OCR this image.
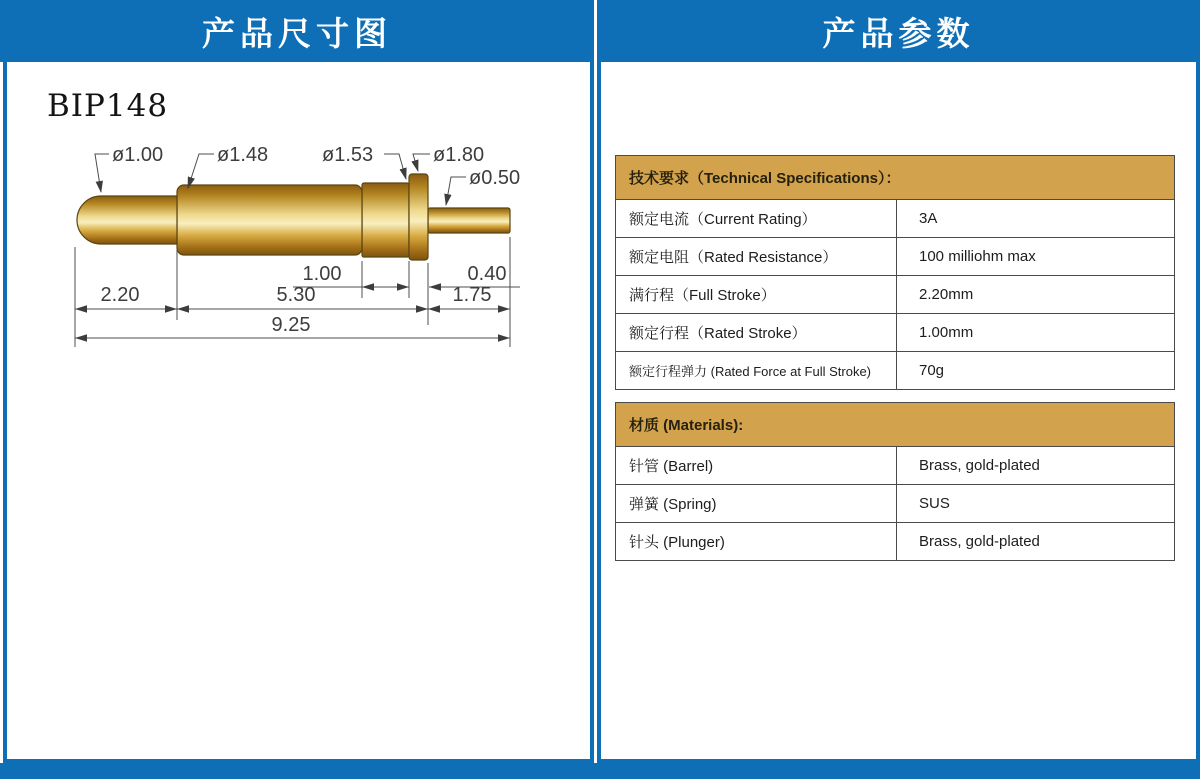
产品尺寸图	产品参数
技术要求（Technical Specifications）：
额定电流（Current Rating）	3A
额定电阻（Rated Resistance）	100 milliohm max
满行程（Full Stroke）	2.20mm
额定行程（Rated Stroke）	1.00mm
额定行程弹力 (Rated Force at Full Stroke)	70g
材质 (Materials):
针管 (Barrel)	Brass, gold-plated
弹簧 (Spring)	SUS
针头 (Plunger)	Brass, gold-plated
BIP148
ø1.00	ø1.48	ø1.53	ø1.80
ø0.50
1.00	0.40
2.20	5.30	1.75
9.25
